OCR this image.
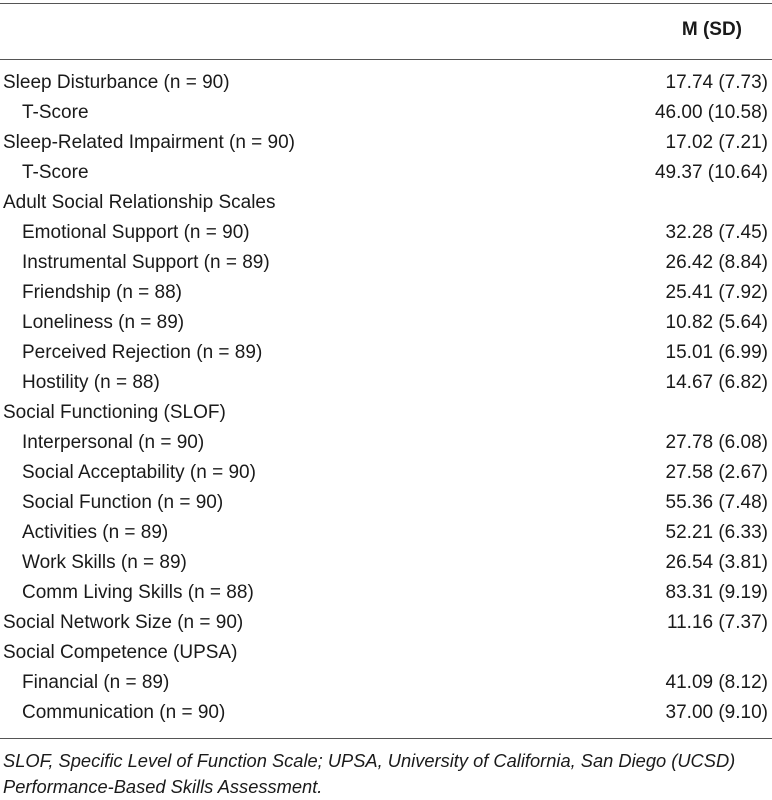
M (SD)
Sleep Disturbance (n = 90)	17.74 (7.73)
T-Score	46.00 (10.58)
Sleep-Related Impairment (n = 90)	17.02 (7.21)
T-Score	49.37 (10.64)
Adult Social Relationship Scales
Emotional Support (n = 90)	32.28 (7.45)
Instrumental Support (n = 89)	26.42 (8.84)
Friendship (n = 88)	25.41 (7.92)
Loneliness (n = 89)	10.82 (5.64)
Perceived Rejection (n = 89)	15.01 (6.99)
Hostility (n = 88)	14.67 (6.82)
Social Functioning (SLOF)
Interpersonal (n = 90)	27.78 (6.08)
Social Acceptability (n = 90)	27.58 (2.67)
Social Function (n = 90)	55.36 (7.48)
Activities (n = 89)	52.21 (6.33)
Work Skills (n = 89)	26.54 (3.81)
Comm Living Skills (n = 88)	83.31 (9.19)
Social Network Size (n = 90)	11.16 (7.37)
Social Competence (UPSA)
Financial (n = 89)	41.09 (8.12)
Communication (n = 90)	37.00 (9.10)
SLOF, Specific Level of Function Scale; UPSA, University of California, San Diego (UCSD) Performance-Based Skills Assessment.
